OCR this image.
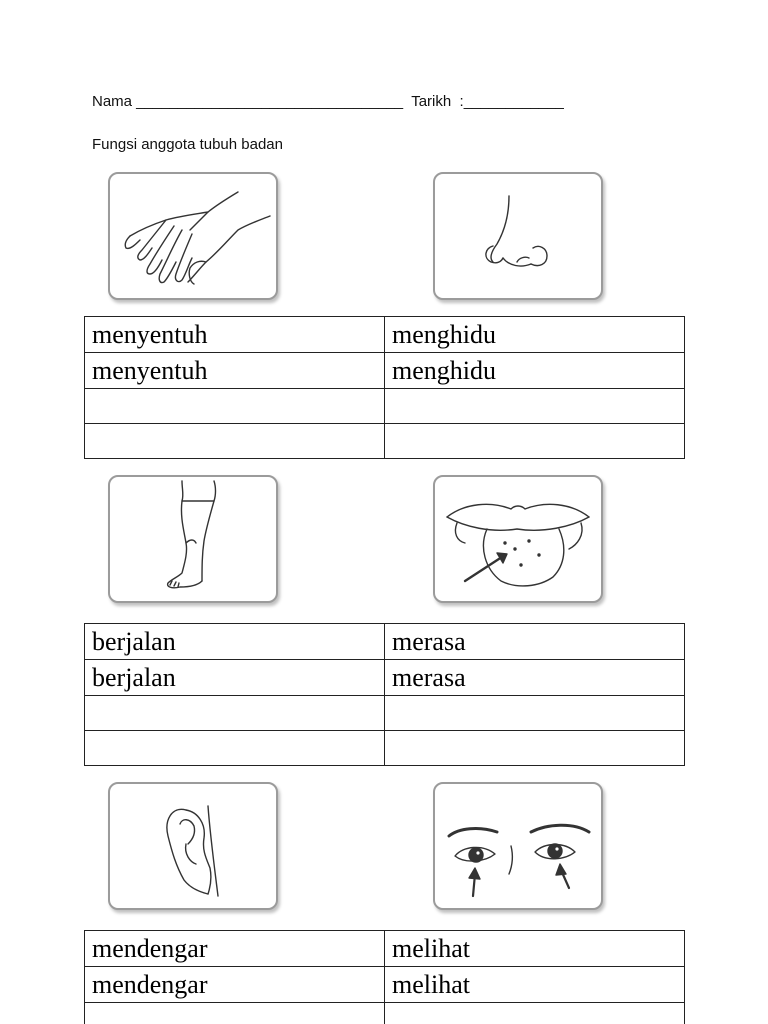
Nama ________________________________  Tarikh  :____________
Fungsi anggota tubuh badan
menyentuh	menghidu
menyentuh	menghidu

berjalan	merasa
berjalan	merasa

mendengar	melihat
mendengar	melihat
